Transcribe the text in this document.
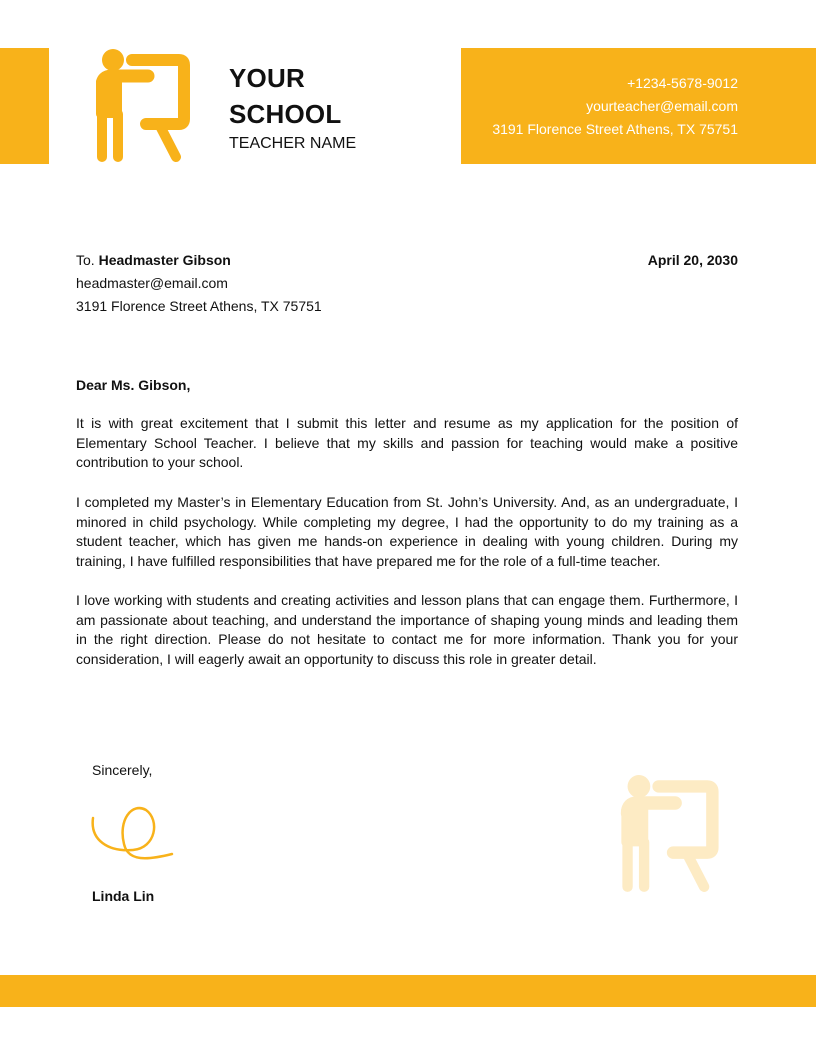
YOUR
SCHOOL
TEACHER NAME
+1234-5678-9012
yourteacher@email.com
3191 Florence Street Athens, TX 75751
To. Headmaster Gibson
headmaster@email.com
3191 Florence Street Athens, TX 75751
April 20, 2030
Dear Ms. Gibson,

It is with great excitement that I submit this letter and resume as my application for the position of Elementary School Teacher. I believe that my skills and passion for teaching would make a positive contribution to your school.

I completed my Master’s in Elementary Education from St. John’s University. And, as an undergraduate, I minored in child psychology. While completing my degree, I had the opportunity to do my training as a student teacher, which has given me hands-on experience in dealing with young children. During my training, I have fulfilled responsibilities that have prepared me for the role of a full-time teacher.

I love working with students and creating activities and lesson plans that can engage them. Furthermore, I am passionate about teaching, and understand the importance of shaping young minds and leading them in the right direction. Please do not hesitate to contact me for more information. Thank you for your consideration, I will eagerly await an opportunity to discuss this role in greater detail.

Sincerely,
Linda Lin
